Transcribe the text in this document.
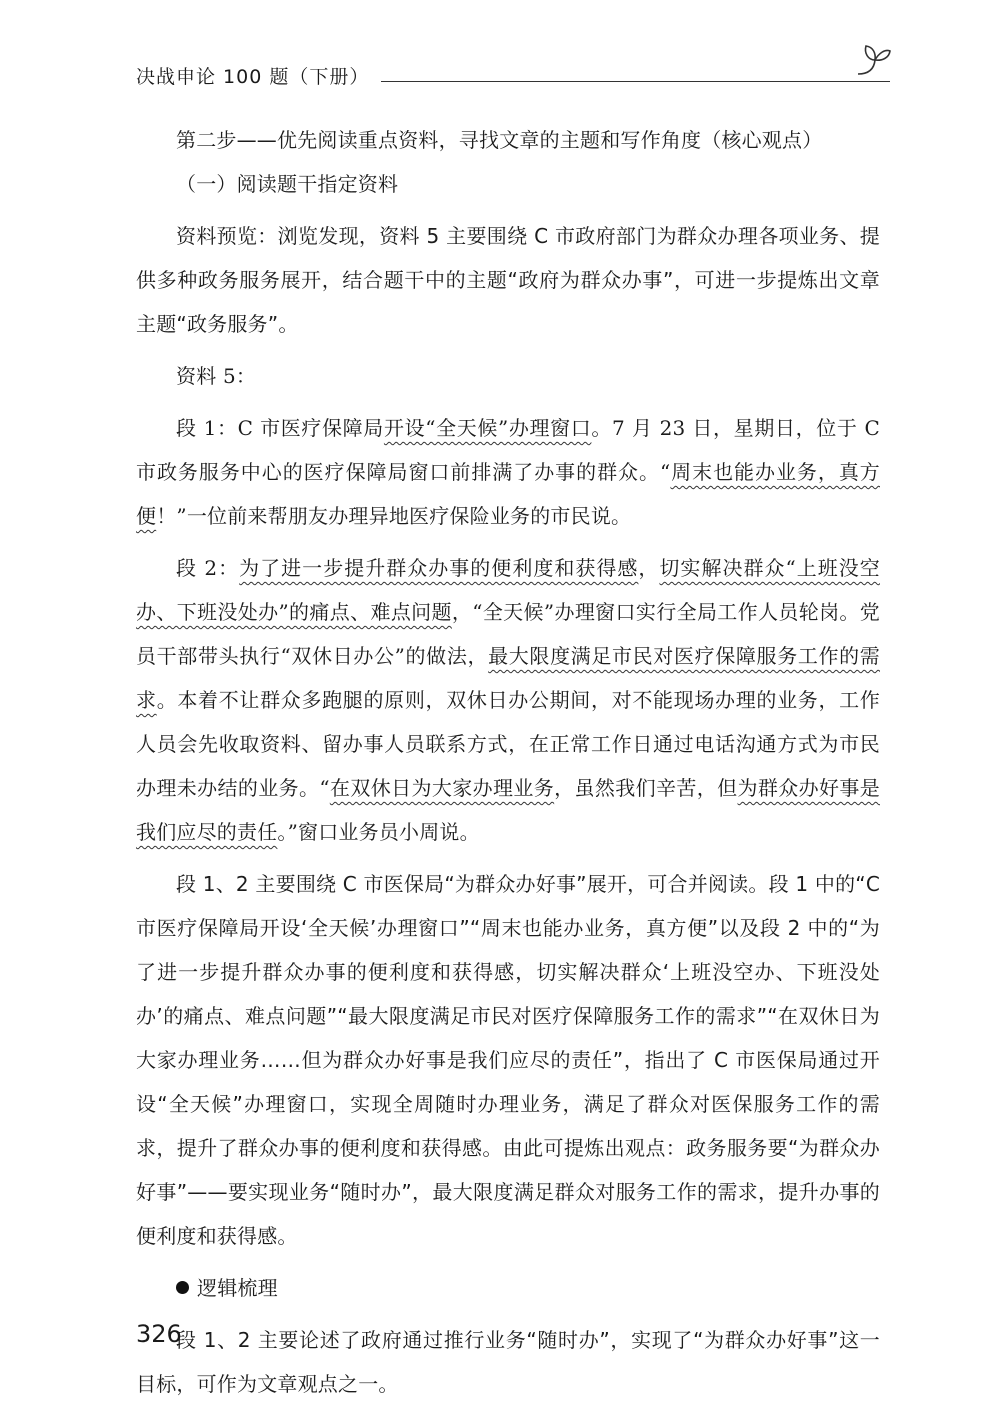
决战申论 100 题（下册）

第二步——优先阅读重点资料，寻找文章的主题和写作角度（核心观点）

（一）阅读题干指定资料

资料预览：浏览发现，资料 5 主要围绕 C 市政府部门为群众办理各项业务、提供多种政务服务展开，结合题干中的主题“政府为群众办事”，可进一步提炼出文章主题“政务服务”。

资料 5：

段 1：C 市医疗保障局开设“全天候”办理窗口。7 月 23 日，星期日，位于 C 市政务服务中心的医疗保障局窗口前排满了办事的群众。“周末也能办业务，真方便！”一位前来帮朋友办理异地医疗保险业务的市民说。

段 2：为了进一步提升群众办事的便利度和获得感，切实解决群众“上班没空办、下班没处办”的痛点、难点问题，“全天候”办理窗口实行全局工作人员轮岗。党员干部带头执行“双休日办公”的做法，最大限度满足市民对医疗保障服务工作的需求。本着不让群众多跑腿的原则，双休日办公期间，对不能现场办理的业务，工作人员会先收取资料、留办事人员联系方式，在正常工作日通过电话沟通方式为市民办理未办结的业务。“在双休日为大家办理业务，虽然我们辛苦，但为群众办好事是我们应尽的责任。”窗口业务员小周说。

段 1、2 主要围绕 C 市医保局“为群众办好事”展开，可合并阅读。段 1 中的“C 市医疗保障局开设‘全天候’办理窗口”“周末也能办业务，真方便”以及段 2 中的“为了进一步提升群众办事的便利度和获得感，切实解决群众‘上班没空办、下班没处办’的痛点、难点问题”“最大限度满足市民对医疗保障服务工作的需求”“在双休日为大家办理业务……但为群众办好事是我们应尽的责任”，指出了 C 市医保局通过开设“全天候”办理窗口，实现全周随时办理业务，满足了群众对医保服务工作的需求，提升了群众办事的便利度和获得感。由此可提炼出观点：政务服务要“为群众办好事”——要实现业务“随时办”，最大限度满足群众对服务工作的需求，提升办事的便利度和获得感。

逻辑梳理

段 1、2 主要论述了政府通过推行业务“随时办”，实现了“为群众办好事”这一目标，可作为文章观点之一。

326
